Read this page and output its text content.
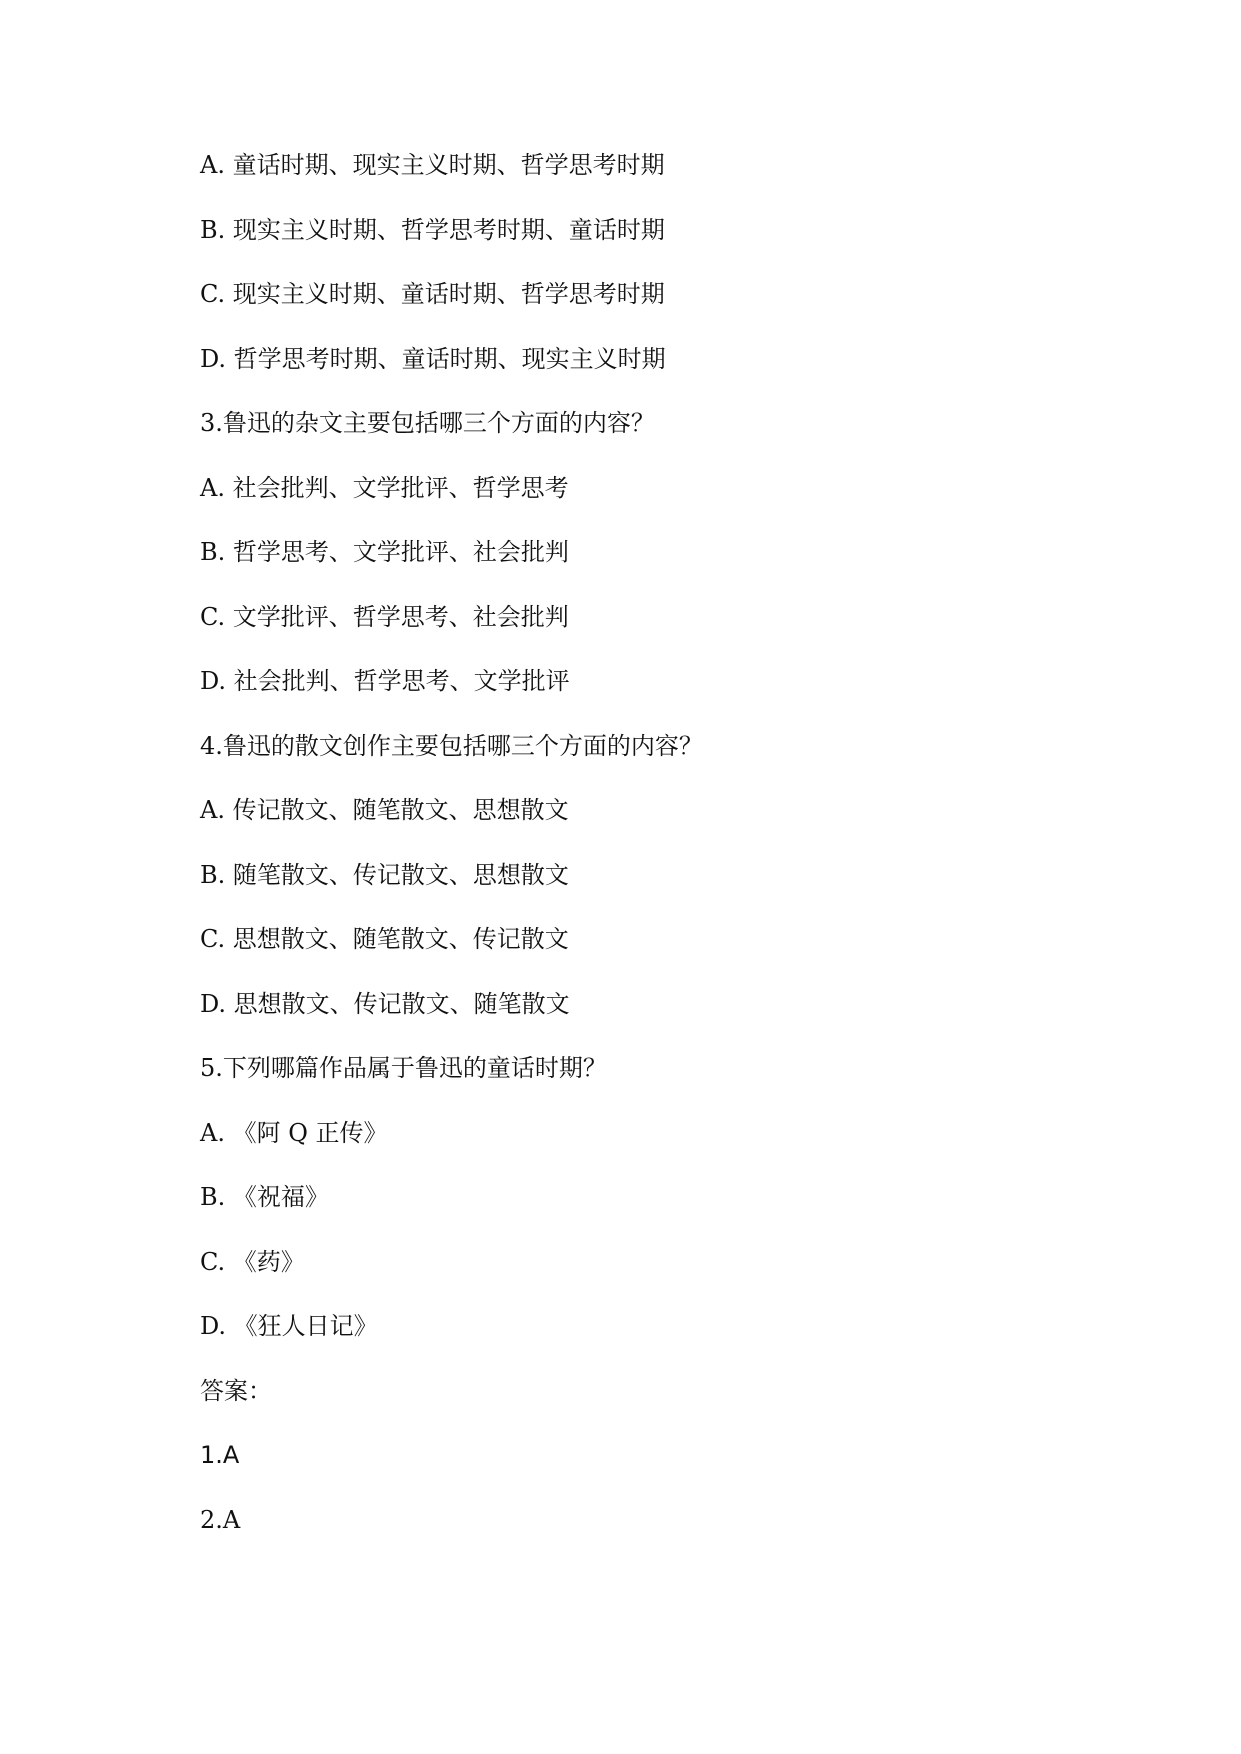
A. 童话时期、现实主义时期、哲学思考时期
B. 现实主义时期、哲学思考时期、童话时期
C. 现实主义时期、童话时期、哲学思考时期
D. 哲学思考时期、童话时期、现实主义时期
3.鲁迅的杂文主要包括哪三个方面的内容？
A. 社会批判、文学批评、哲学思考
B. 哲学思考、文学批评、社会批判
C. 文学批评、哲学思考、社会批判
D. 社会批判、哲学思考、文学批评
4.鲁迅的散文创作主要包括哪三个方面的内容？
A. 传记散文、随笔散文、思想散文
B. 随笔散文、传记散文、思想散文
C. 思想散文、随笔散文、传记散文
D. 思想散文、传记散文、随笔散文
5.下列哪篇作品属于鲁迅的童话时期？
A. 《阿 Q 正传》
B. 《祝福》
C. 《药》
D. 《狂人日记》
答案：
1.A
2.A
